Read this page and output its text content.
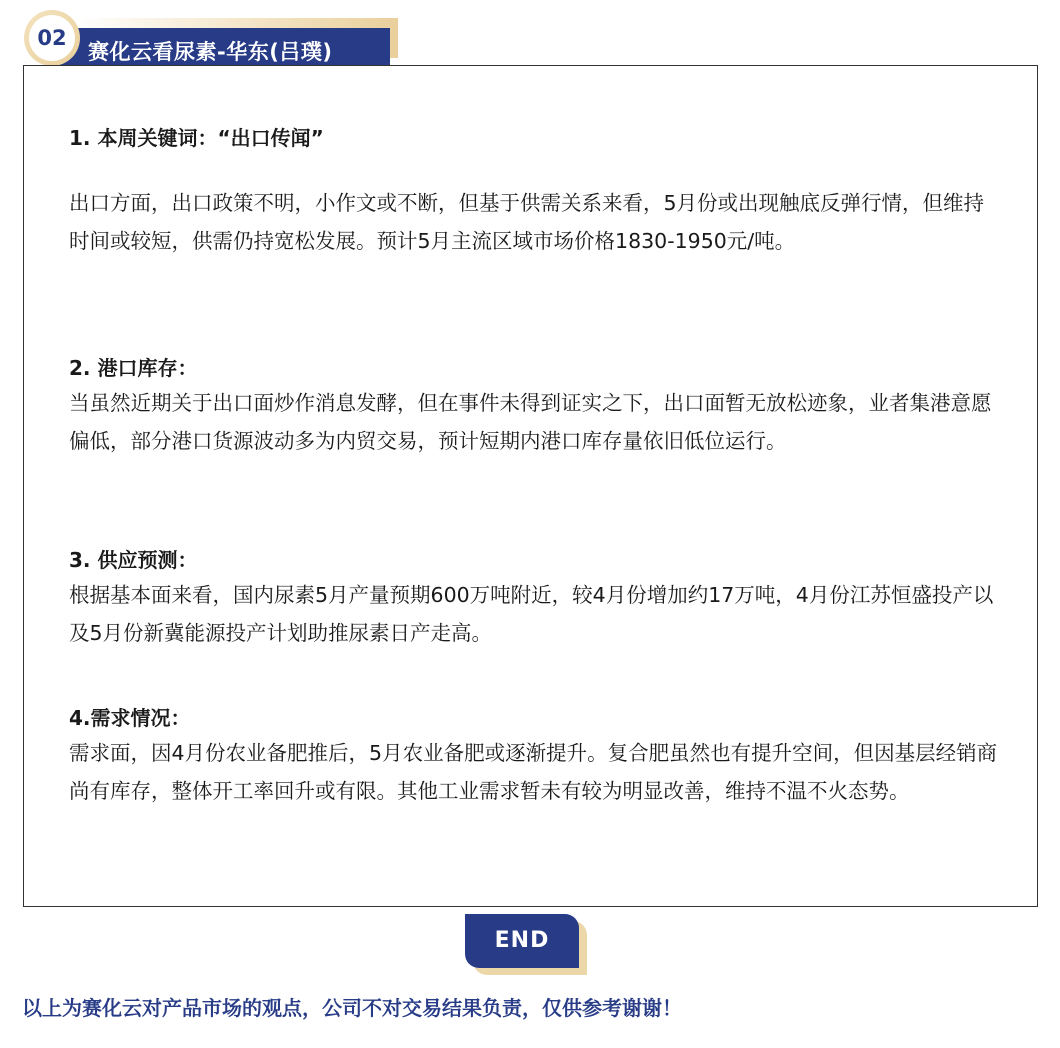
赛化云看尿素-华东(吕璞)
02

1. 本周关键词：“出口传闻”

出口方面，出口政策不明，小作文或不断，但基于供需关系来看，5月份或出现触底反弹行情，但维持时间或较短，供需仍持宽松发展。预计5月主流区域市场价格1830-1950元/吨。

2. 港口库存：

当虽然近期关于出口面炒作消息发酵，但在事件未得到证实之下，出口面暂无放松迹象，业者集港意愿偏低，部分港口货源波动多为内贸交易，预计短期内港口库存量依旧低位运行。

3. 供应预测：

根据基本面来看，国内尿素5月产量预期600万吨附近，较4月份增加约17万吨，4月份江苏恒盛投产以及5月份新冀能源投产计划助推尿素日产走高。

4.需求情况：

需求面，因4月份农业备肥推后，5月农业备肥或逐渐提升。复合肥虽然也有提升空间，但因基层经销商尚有库存，整体开工率回升或有限。其他工业需求暂未有较为明显改善，维持不温不火态势。

END
以上为赛化云对产品市场的观点，公司不对交易结果负责，仅供参考谢谢！
